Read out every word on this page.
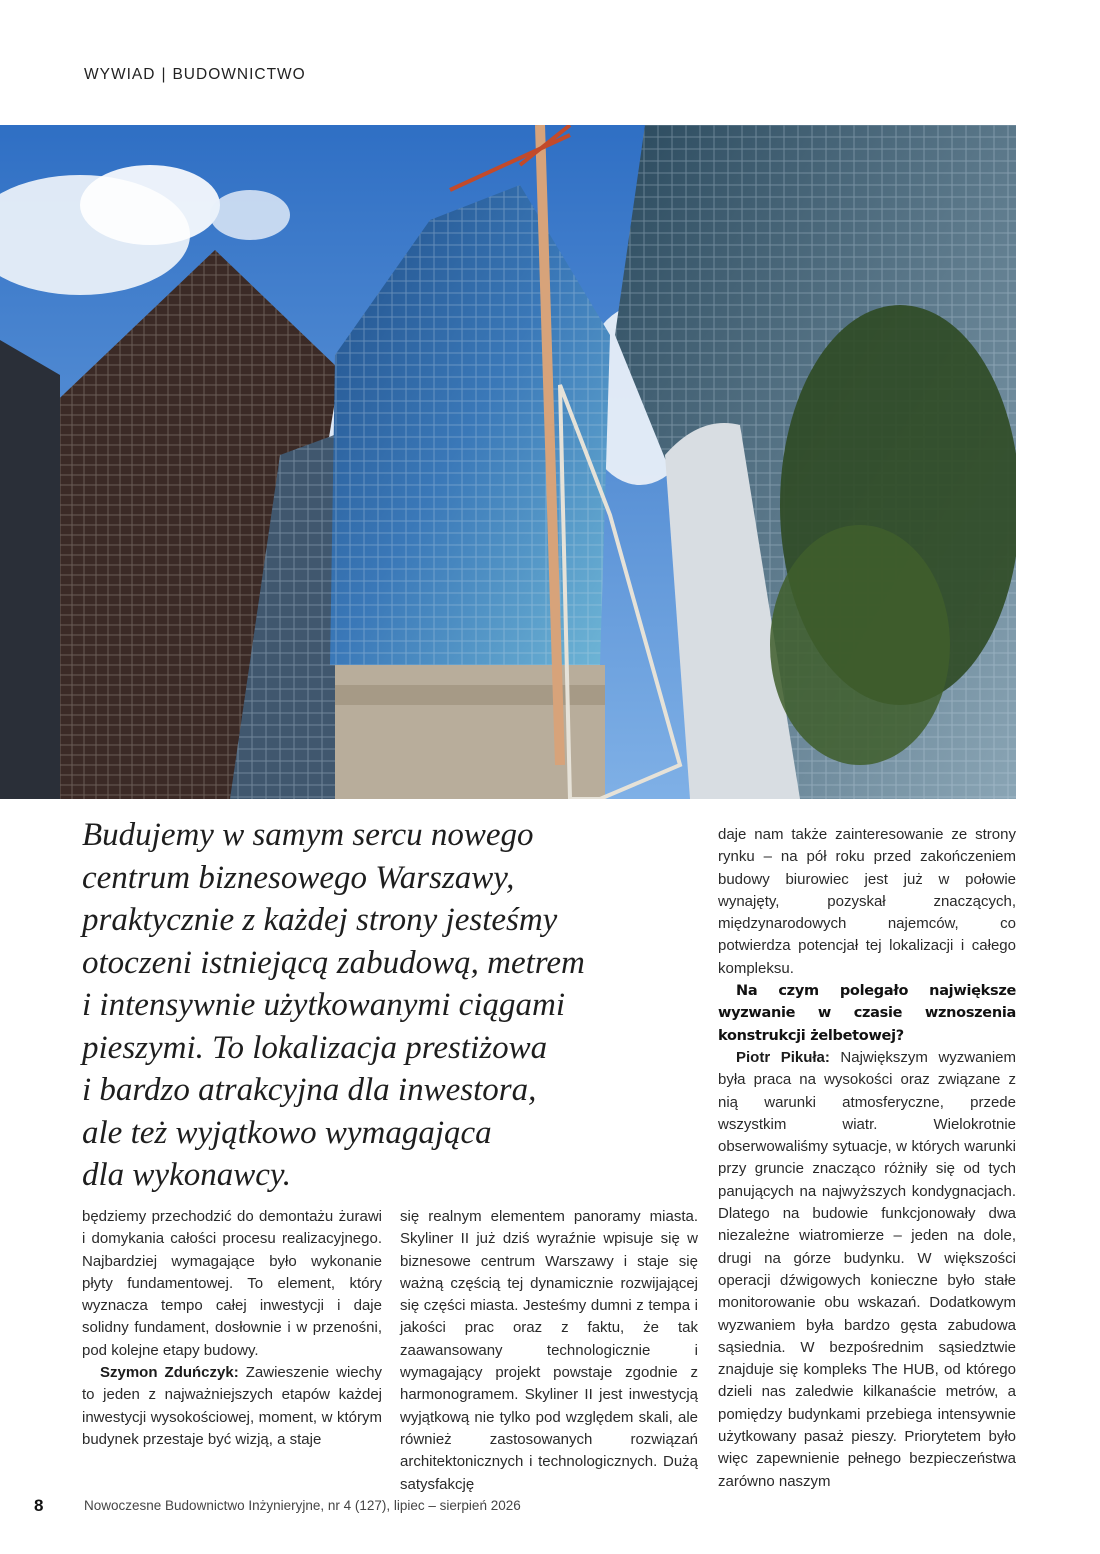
WYWIAD | BUDOWNICTWO
Budujemy w samym sercu nowego
centrum biznesowego Warszawy,
praktycznie z każdej strony jesteśmy
otoczeni istniejącą zabudową, metrem
i intensywnie użytkowanymi ciągami
pieszymi. To lokalizacja prestiżowa
i bardzo atrakcyjna dla inwestora,
ale też wyjątkowo wymagająca
dla wykonawcy.

będziemy przechodzić do demontażu żurawi i domykania całości procesu realizacyjnego. Najbardziej wymagające było wykonanie płyty fundamentowej. To element, który wyznacza tempo całej inwestycji i daje solidny fundament, dosłownie i w przenośni, pod kolejne etapy budowy.

Szymon Zduńczyk: Zawieszenie wiechy to jeden z najważniejszych etapów każdej inwestycji wysokościowej, moment, w którym budynek przestaje być wizją, a staje

się realnym elementem panoramy miasta. Skyliner II już dziś wyraźnie wpisuje się w biznesowe centrum Warszawy i staje się ważną częścią tej dynamicznie rozwijającej się części miasta. Jesteśmy dumni z tempa i jakości prac oraz z faktu, że tak zaawansowany technologicznie i wymagający projekt powstaje zgodnie z harmonogramem. Skyliner II jest inwestycją wyjątkową nie tylko pod względem skali, ale również zastosowanych rozwiązań architektonicznych i technologicznych. Dużą satysfakcję

daje nam także zainteresowanie ze strony rynku – na pół roku przed zakończeniem budowy biurowiec jest już w połowie wynajęty, pozyskał znaczących, międzynarodowych najemców, co potwierdza potencjał tej lokalizacji i całego kompleksu.

Na czym polegało największe wyzwanie w czasie wznoszenia konstrukcji żelbetowej?

Piotr Pikuła: Największym wyzwaniem była praca na wysokości oraz związane z nią warunki atmosferyczne, przede wszystkim wiatr. Wielokrotnie obserwowaliśmy sytuacje, w których warunki przy gruncie znacząco różniły się od tych panujących na najwyższych kondygnacjach. Dlatego na budowie funkcjonowały dwa niezależne wiatromierze – jeden na dole, drugi na górze budynku. W większości operacji dźwigowych konieczne było stałe monitorowanie obu wskazań. Dodatkowym wyzwaniem była bardzo gęsta zabudowa sąsiednia. W bezpośrednim sąsiedztwie znajduje się kompleks The HUB, od którego dzieli nas zaledwie kilkanaście metrów, a pomiędzy budynkami przebiega intensywnie użytkowany pasaż pieszy. Priorytetem było więc zapewnienie pełnego bezpieczeństwa zarówno naszym

8	Nowoczesne Budownictwo Inżynieryjne, nr 4 (127), lipiec – sierpień 2026
